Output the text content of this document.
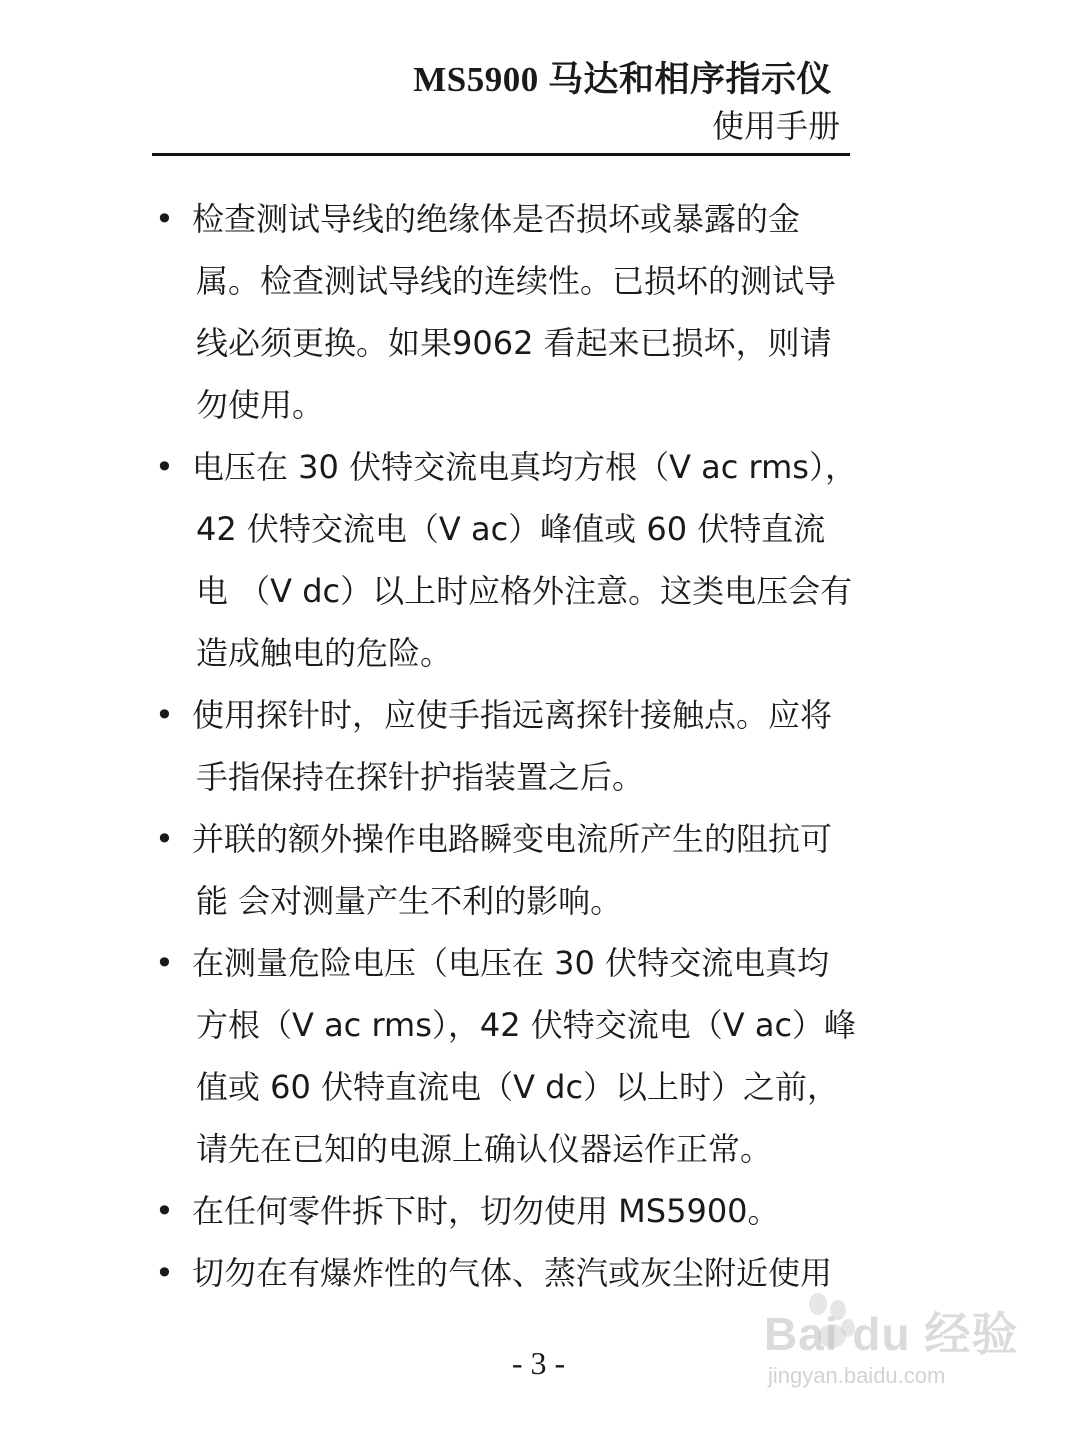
MS5900 马达和相序指示仪
使用手册
• 检查测试导线的绝缘体是否损坏或暴露的金
属。检查测试导线的连续性。已损坏的测试导
线必须更换。如果9062 看起来已损坏，则请
勿使用。
• 电压在 30 伏特交流电真均方根（V ac rms），
42 伏特交流电（V ac）峰值或 60 伏特直流
电 （V dc）以上时应格外注意。这类电压会有
造成触电的危险。
• 使用探针时，应使手指远离探针接触点。应将
手指保持在探针护指装置之后。
• 并联的额外操作电路瞬变电流所产生的阻抗可
能 会对测量产生不利的影响。
• 在测量危险电压（电压在 30 伏特交流电真均
方根（V ac rms），42 伏特交流电（V ac）峰
值或 60 伏特直流电（V dc）以上时）之前，
请先在已知的电源上确认仪器运作正常。
• 在任何零件拆下时，切勿使用 MS5900。
• 切勿在有爆炸性的气体、蒸汽或灰尘附近使用
- 3 -
Bai du 经验
jingyan.baidu.com
